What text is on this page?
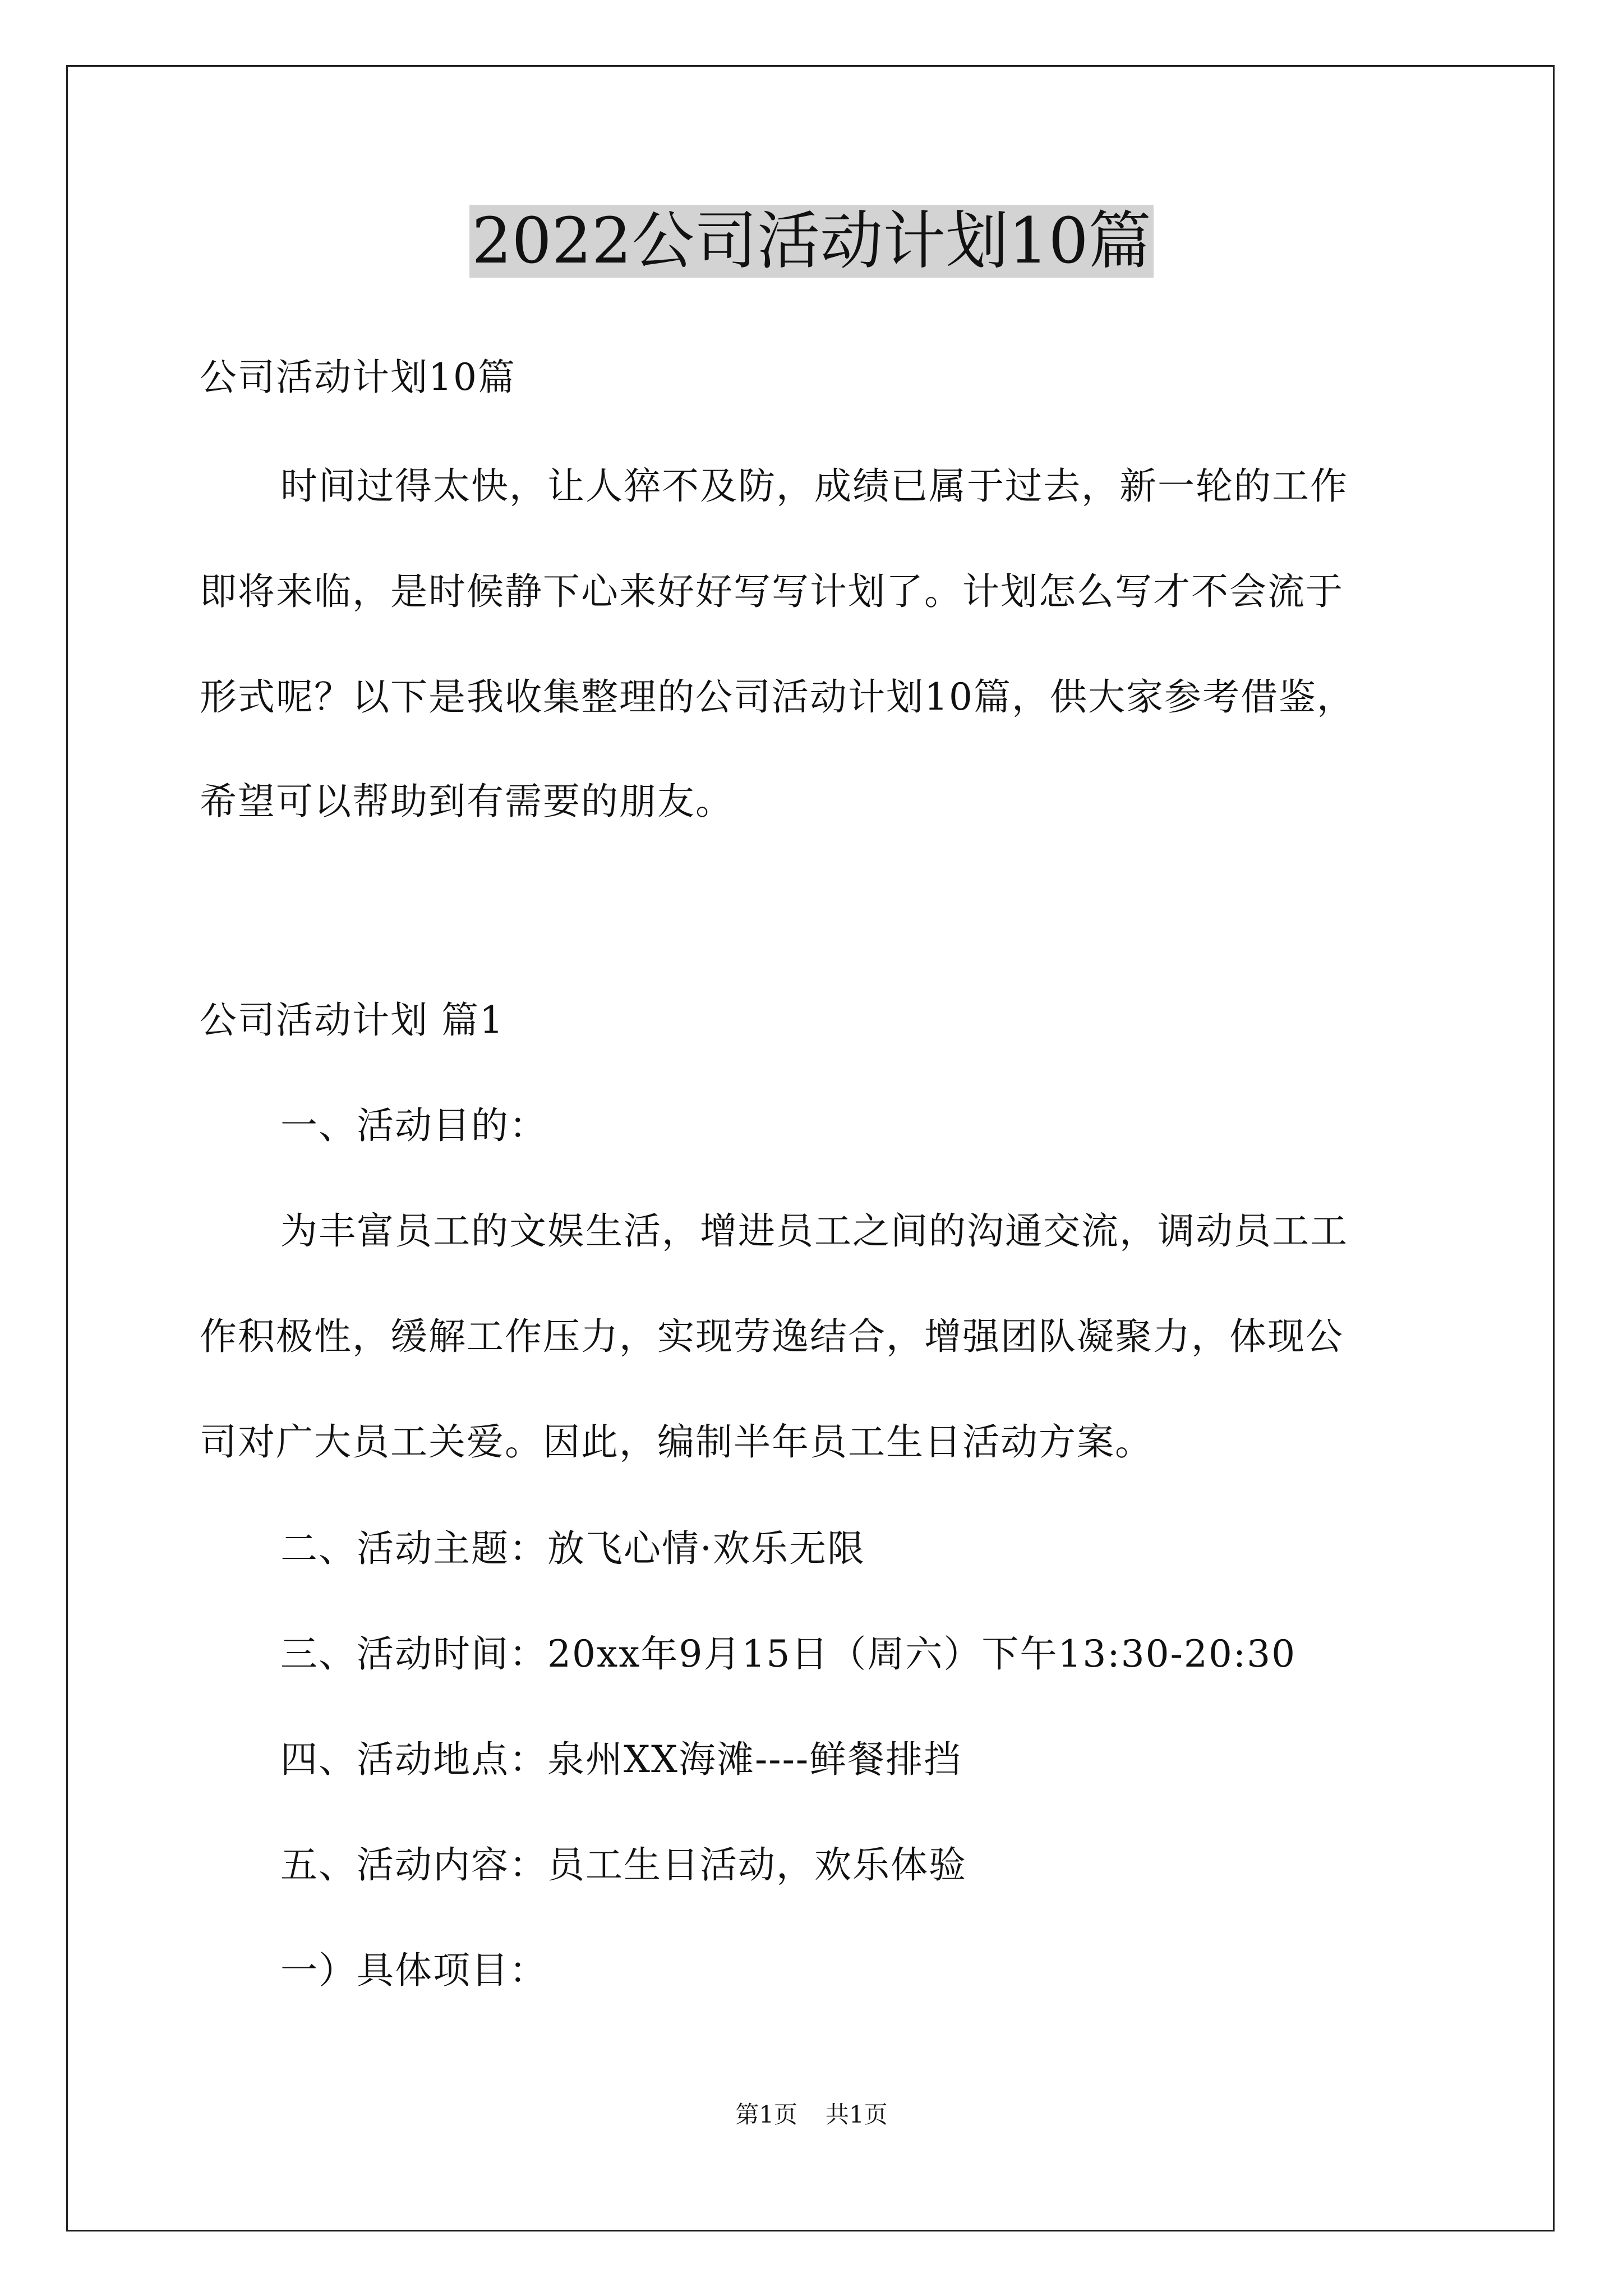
2022公司活动计划10篇
公司活动计划10篇
时间过得太快，让人猝不及防，成绩已属于过去，新一轮的工作
即将来临，是时候静下心来好好写写计划了。计划怎么写才不会流于
形式呢？以下是我收集整理的公司活动计划10篇，供大家参考借鉴，
希望可以帮助到有需要的朋友。
公司活动计划 篇1
一、活动目的：
为丰富员工的文娱生活，增进员工之间的沟通交流，调动员工工
作积极性，缓解工作压力，实现劳逸结合，增强团队凝聚力，体现公
司对广大员工关爱。因此，编制半年员工生日活动方案。
二、活动主题：放飞心情·欢乐无限
三、活动时间：20xx年9月15日（周六）下午13:30-20:30
四、活动地点：泉州XX海滩----鲜餐排挡
五、活动内容：员工生日活动，欢乐体验
一）具体项目：
第1页 共1页
